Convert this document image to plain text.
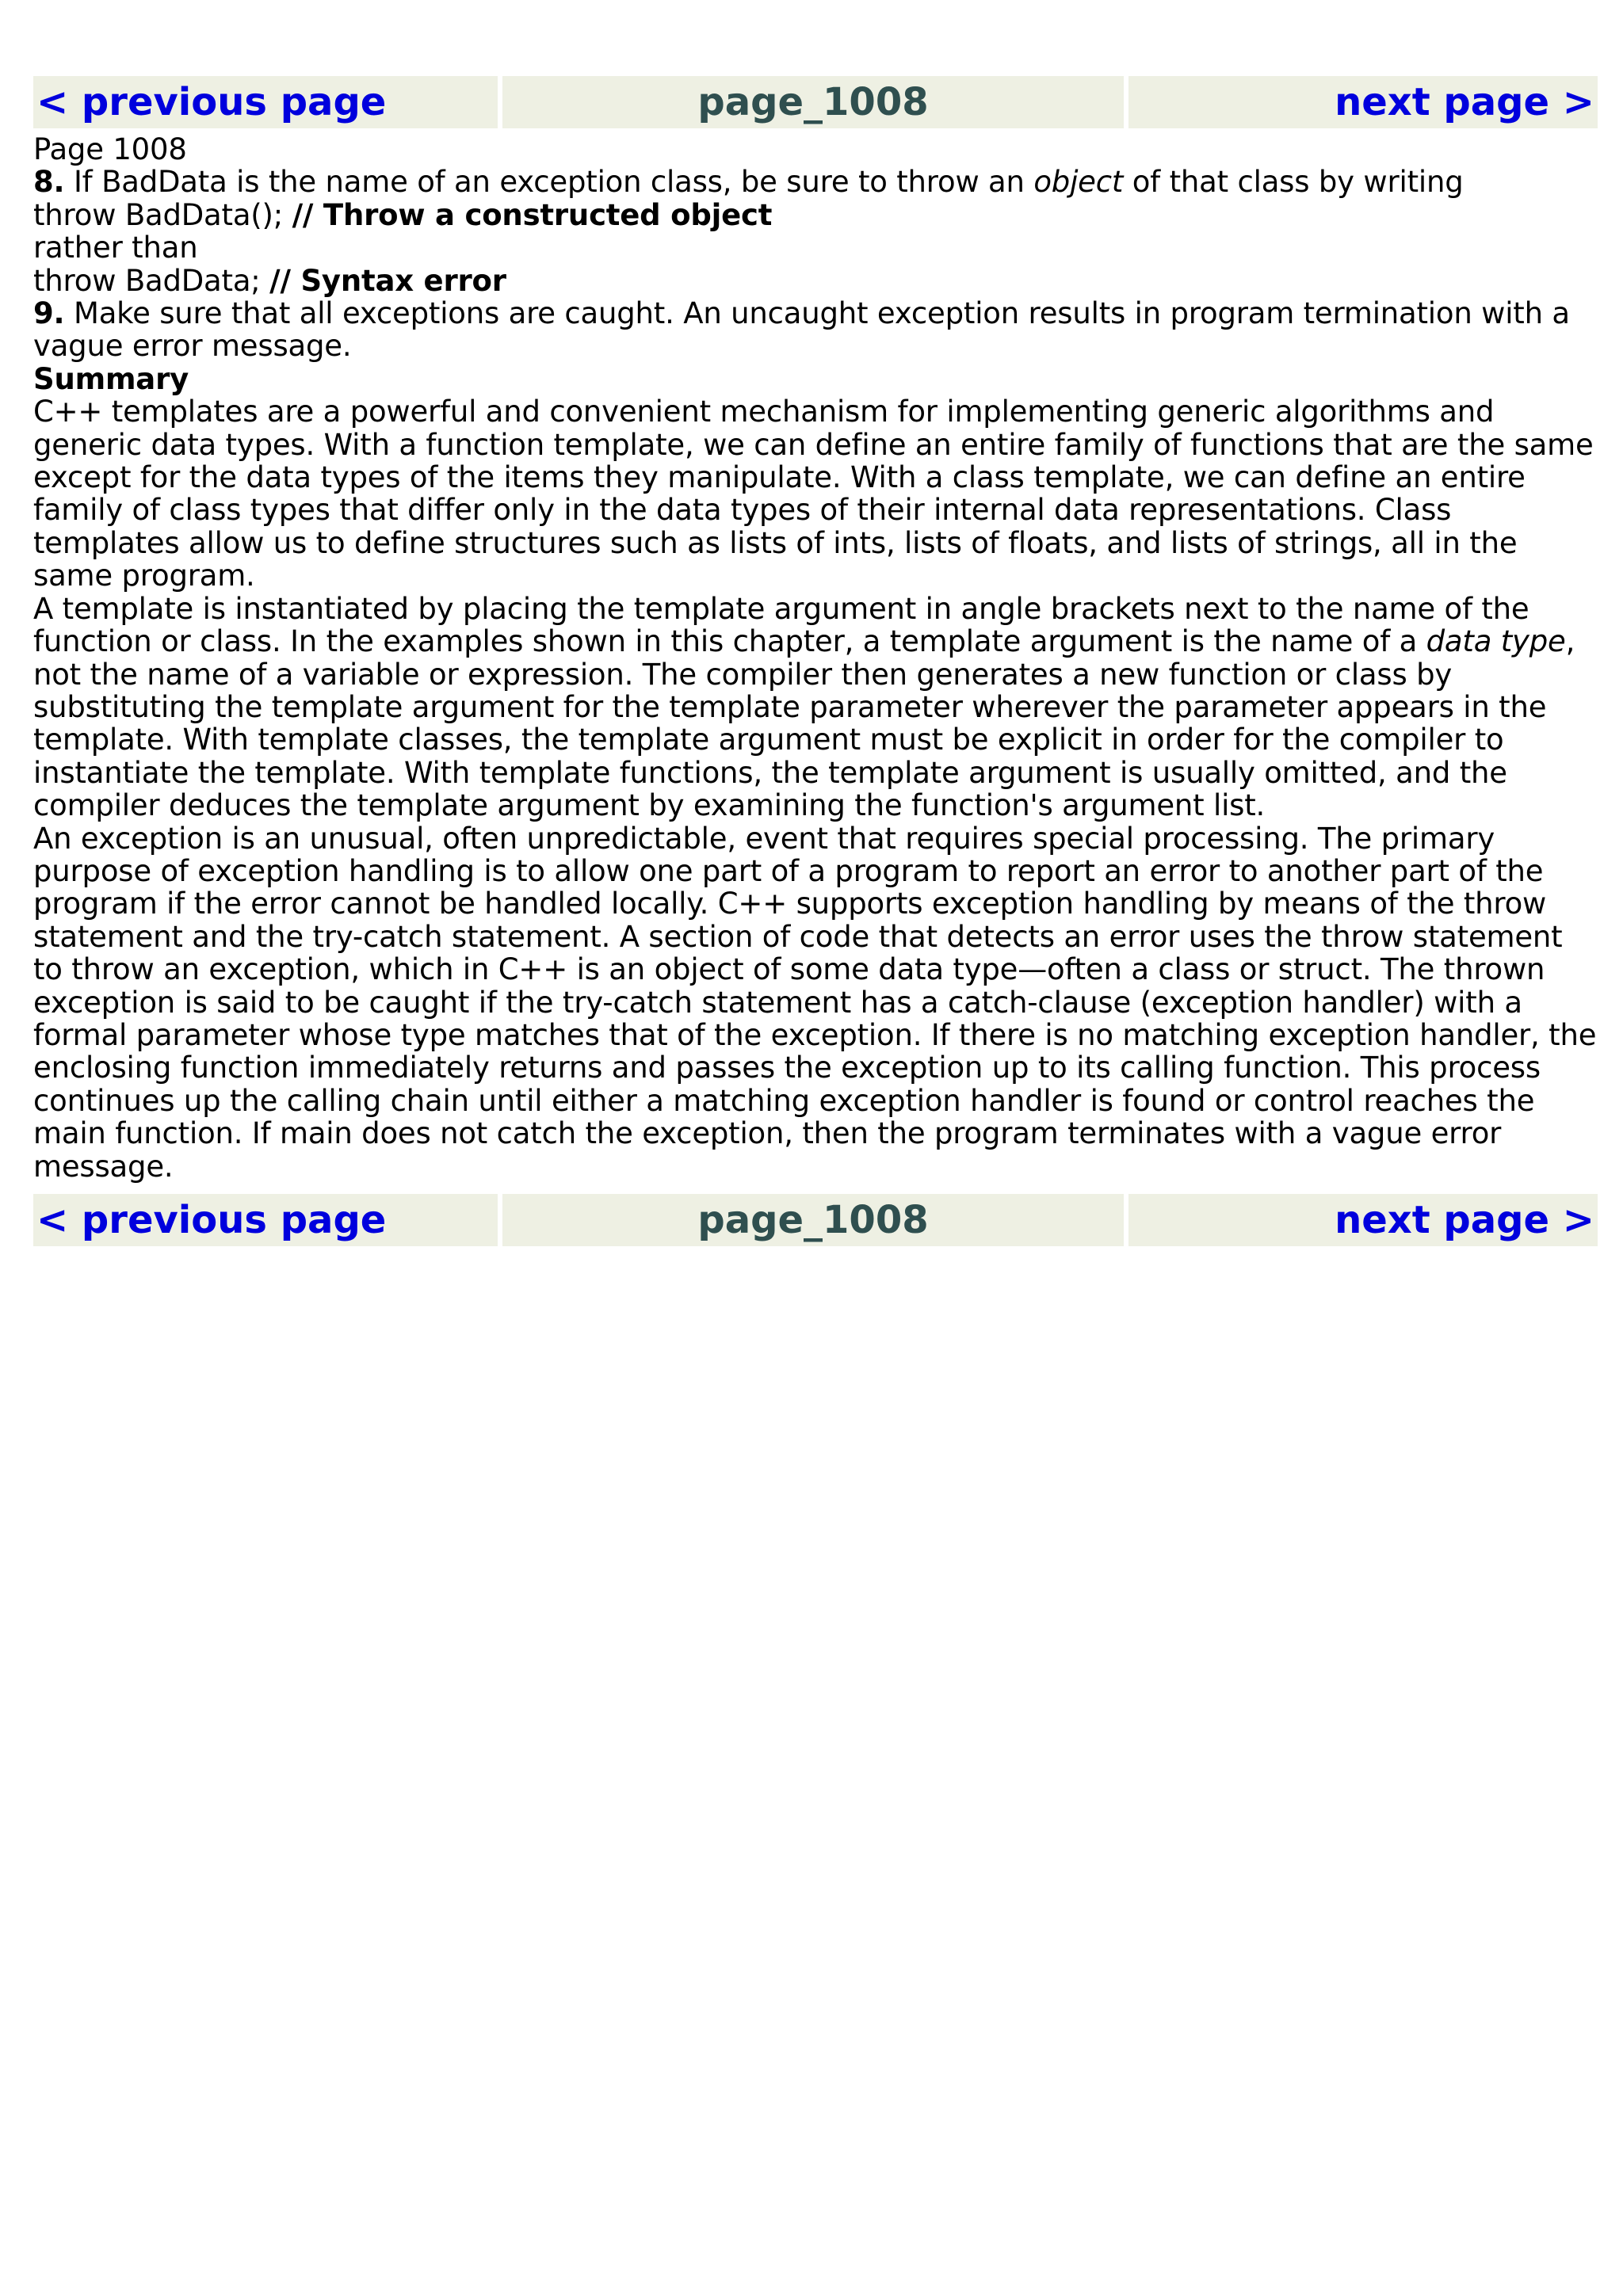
< previous page	page_1008	next page >

Page 1008

8. If BadData is the name of an exception class, be sure to throw an object of that class by writing

throw BadData(); // Throw a constructed object

rather than

throw BadData; // Syntax error

9. Make sure that all exceptions are caught. An uncaught exception results in program termination with a vague error message.

Summary

C++ templates are a powerful and convenient mechanism for implementing generic algorithms and generic data types. With a function template, we can define an entire family of functions that are the same except for the data types of the items they manipulate. With a class template, we can define an entire family of class types that differ only in the data types of their internal data representations. Class templates allow us to define structures such as lists of ints, lists of floats, and lists of strings, all in the same program.

A template is instantiated by placing the template argument in angle brackets next to the name of the function or class. In the examples shown in this chapter, a template argument is the name of a data type, not the name of a variable or expression. The compiler then generates a new function or class by substituting the template argument for the template parameter wherever the parameter appears in the template. With template classes, the template argument must be explicit in order for the compiler to instantiate the template. With template functions, the template argument is usually omitted, and the compiler deduces the template argument by examining the function's argument list.

An exception is an unusual, often unpredictable, event that requires special processing. The primary purpose of exception handling is to allow one part of a program to report an error to another part of the program if the error cannot be handled locally. C++ supports exception handling by means of the throw statement and the try-catch statement. A section of code that detects an error uses the throw statement to throw an exception, which in C++ is an object of some data type—often a class or struct. The thrown exception is said to be caught if the try-catch statement has a catch-clause (exception handler) with a formal parameter whose type matches that of the exception. If there is no matching exception handler, the enclosing function immediately returns and passes the exception up to its calling function. This process continues up the calling chain until either a matching exception handler is found or control reaches the main function. If main does not catch the exception, then the program terminates with a vague error message.

< previous page	page_1008	next page >
